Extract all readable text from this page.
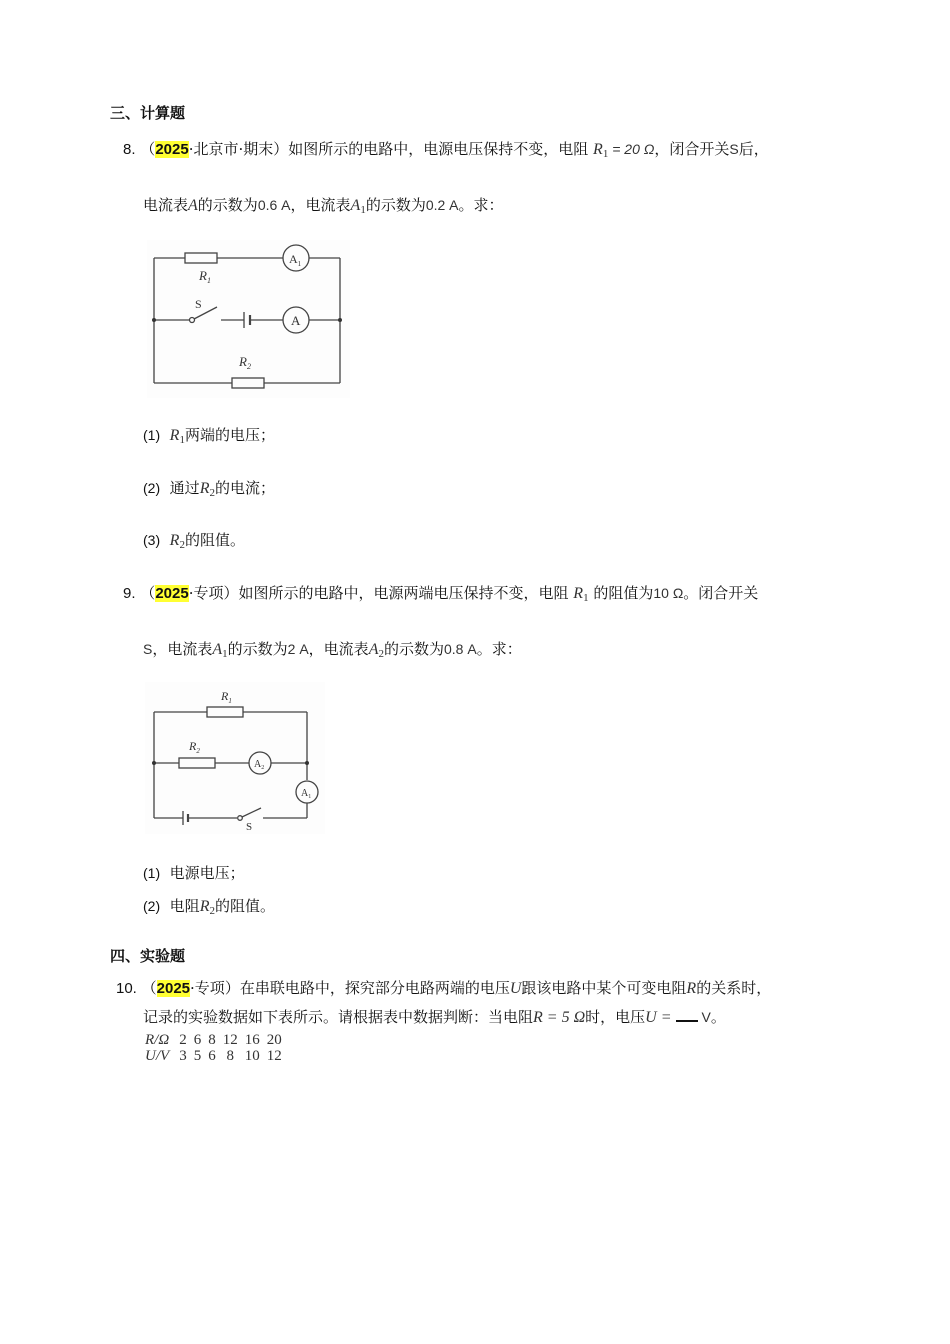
三、计算题
8. （2025·北京市·期末）如图所示的电路中，电源电压保持不变，电阻 $R_1 = 20$ Ω，闭合开关S后，
电流表A的示数为0.6 A，电流表$A_1$的示数为0.2 A。求：
$R_1$
S
$A_1$
A
$R_2$
(1) $R_1$两端的电压；
(2) 通过$R_2$的电流；
(3) $R_2$的阻值。
9. （2025·专项）如图所示的电路中，电源两端电压保持不变，电阻 $R_1$ 的阻值为10 Ω。闭合开关
S，电流表$A_1$的示数为2 A，电流表$A_2$的示数为0.8 A。求：
$R_1$
$R_2$
$A_2$
$A_1$
S
(1) 电源电压；
(2) 电阻$R_2$的阻值。
四、实验题
10. （2025·专项）在串联电路中，探究部分电路两端的电压U跟该电路中某个可变电阻R的关系时，
记录的实验数据如下表所示。请根据表中数据判断：当电阻R = 5 Ω时，电压U = V。
R/Ω	2	6	8	12	16	20
U/V	3	5	6	8	10	12
